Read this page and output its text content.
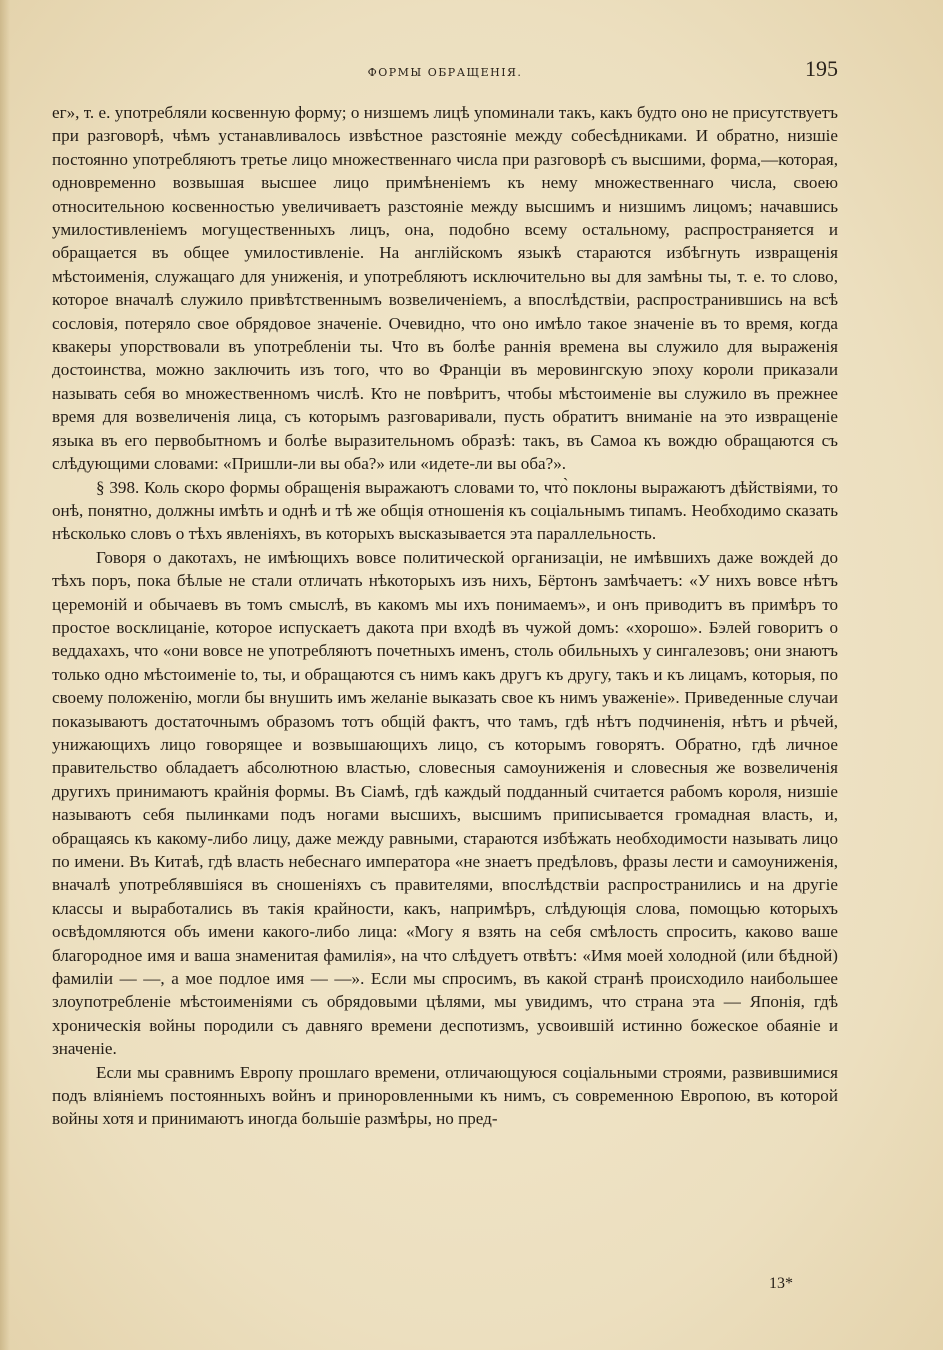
ФОРМЫ ОБРАЩЕНІЯ.	195

ег», т. е. употребляли косвенную форму; о низшемъ лицѣ упоминали такъ, какъ будто оно не присутствуетъ при разговорѣ, чѣмъ устанавливалось извѣстное разстояніе между собесѣдниками. И обратно, низшіе постоянно употребляютъ третье лицо множественнаго числа при разговорѣ съ высшими, форма,—которая, одновременно возвышая высшее лицо примѣненіемъ къ нему множественнаго числа, своею относительною косвенностью увеличиваетъ разстояніе между высшимъ и низшимъ лицомъ; начавшись умилостивленіемъ могущественныхъ лицъ, она, подобно всему остальному, распространяется и обращается въ общее умилостивленіе. На англійскомъ языкѣ стараются избѣгнуть извращенія мѣстоименія, служащаго для униженія, и употребляютъ исключительно вы для замѣны ты, т. е. то слово, которое вначалѣ служило привѣтственнымъ возвеличеніемъ, а впослѣдствіи, распространившись на всѣ сословія, потеряло свое обрядовое значеніе. Очевидно, что оно имѣло такое значеніе въ то время, когда квакеры упорствовали въ употребленіи ты. Что въ болѣе раннія времена вы служило для выраженія достоинства, можно заключить изъ того, что во Франціи въ меровингскую эпоху короли приказали называть себя во множественномъ числѣ. Кто не повѣритъ, чтобы мѣстоименіе вы служило въ прежнее время для возвеличенія лица, съ которымъ разговаривали, пусть обратитъ вниманіе на это извращеніе языка въ его первобытномъ и болѣе выразительномъ образѣ: такъ, въ Самоа къ вождю обращаются съ слѣдующими словами: «Пришли-ли вы оба?» или «идете-ли вы оба?».

§ 398. Коль скоро формы обращенія выражаютъ словами то, что̀ поклоны выражаютъ дѣйствіями, то онѣ, понятно, должны имѣть и однѣ и тѣ же общія отношенія къ соціальнымъ типамъ. Необходимо сказать нѣсколько словъ о тѣхъ явленіяхъ, въ которыхъ высказывается эта параллельность.

Говоря о дакотахъ, не имѣющихъ вовсе политической организаціи, не имѣвшихъ даже вождей до тѣхъ поръ, пока бѣлые не стали отличать нѣкоторыхъ изъ нихъ, Бёртонъ замѣчаетъ: «У нихъ вовсе нѣтъ церемоній и обычаевъ въ томъ смыслѣ, въ какомъ мы ихъ понимаемъ», и онъ приводитъ въ примѣръ то простое восклицаніе, которое испускаетъ дакота при входѣ въ чужой домъ: «хорошо». Бэлей говоритъ о веддахахъ, что «они вовсе не употребляютъ почетныхъ именъ, столь обильныхъ у сингалезовъ; они знаютъ только одно мѣстоименіе to, ты, и обращаются съ нимъ какъ другъ къ другу, такъ и къ лицамъ, которыя, по своему положенію, могли бы внушить имъ желаніе выказать свое къ нимъ уваженіе». Приведенные случаи показываютъ достаточнымъ образомъ тотъ общій фактъ, что тамъ, гдѣ нѣтъ подчиненія, нѣтъ и рѣчей, унижающихъ лицо говорящее и возвышающихъ лицо, съ которымъ говорятъ. Обратно, гдѣ личное правительство обладаетъ абсолютною властью, словесныя самоуниженія и словесныя же возвеличенія другихъ принимаютъ крайнія формы. Въ Сіамѣ, гдѣ каждый подданный считается рабомъ короля, низшіе называютъ себя пылинками подъ ногами высшихъ, высшимъ приписывается громадная власть, и, обращаясь къ какому-либо лицу, даже между равными, стараются избѣжать необходимости называть лицо по имени. Въ Китаѣ, гдѣ власть небеснаго императора «не знаетъ предѣловъ, фразы лести и самоуниженія, вначалѣ употреблявшіяся въ сношеніяхъ съ правителями, впослѣдствіи распространились и на другіе классы и выработались въ такія крайности, какъ, напримѣръ, слѣдующія слова, помощью которыхъ освѣдомляются объ имени какого-либо лица: «Могу я взять на себя смѣлость спросить, каково ваше благородное имя и ваша знаменитая фамилія», на что слѣдуетъ отвѣтъ: «Имя моей холодной (или бѣдной) фамиліи — —, а мое подлое имя — —». Если мы спросимъ, въ какой странѣ происходило наибольшее злоупотребленіе мѣстоименіями съ обрядовыми цѣлями, мы увидимъ, что страна эта — Японія, гдѣ хроническія войны породили съ давняго времени деспотизмъ, усвоившій истинно божеское обаяніе и значеніе.

Если мы сравнимъ Европу прошлаго времени, отличающуюся соціальными строями, развившимися подъ вліяніемъ постоянныхъ войнъ и приноровленными къ нимъ, съ современною Европою, въ которой войны хотя и принимаютъ иногда большіе размѣры, но пред-

13*
